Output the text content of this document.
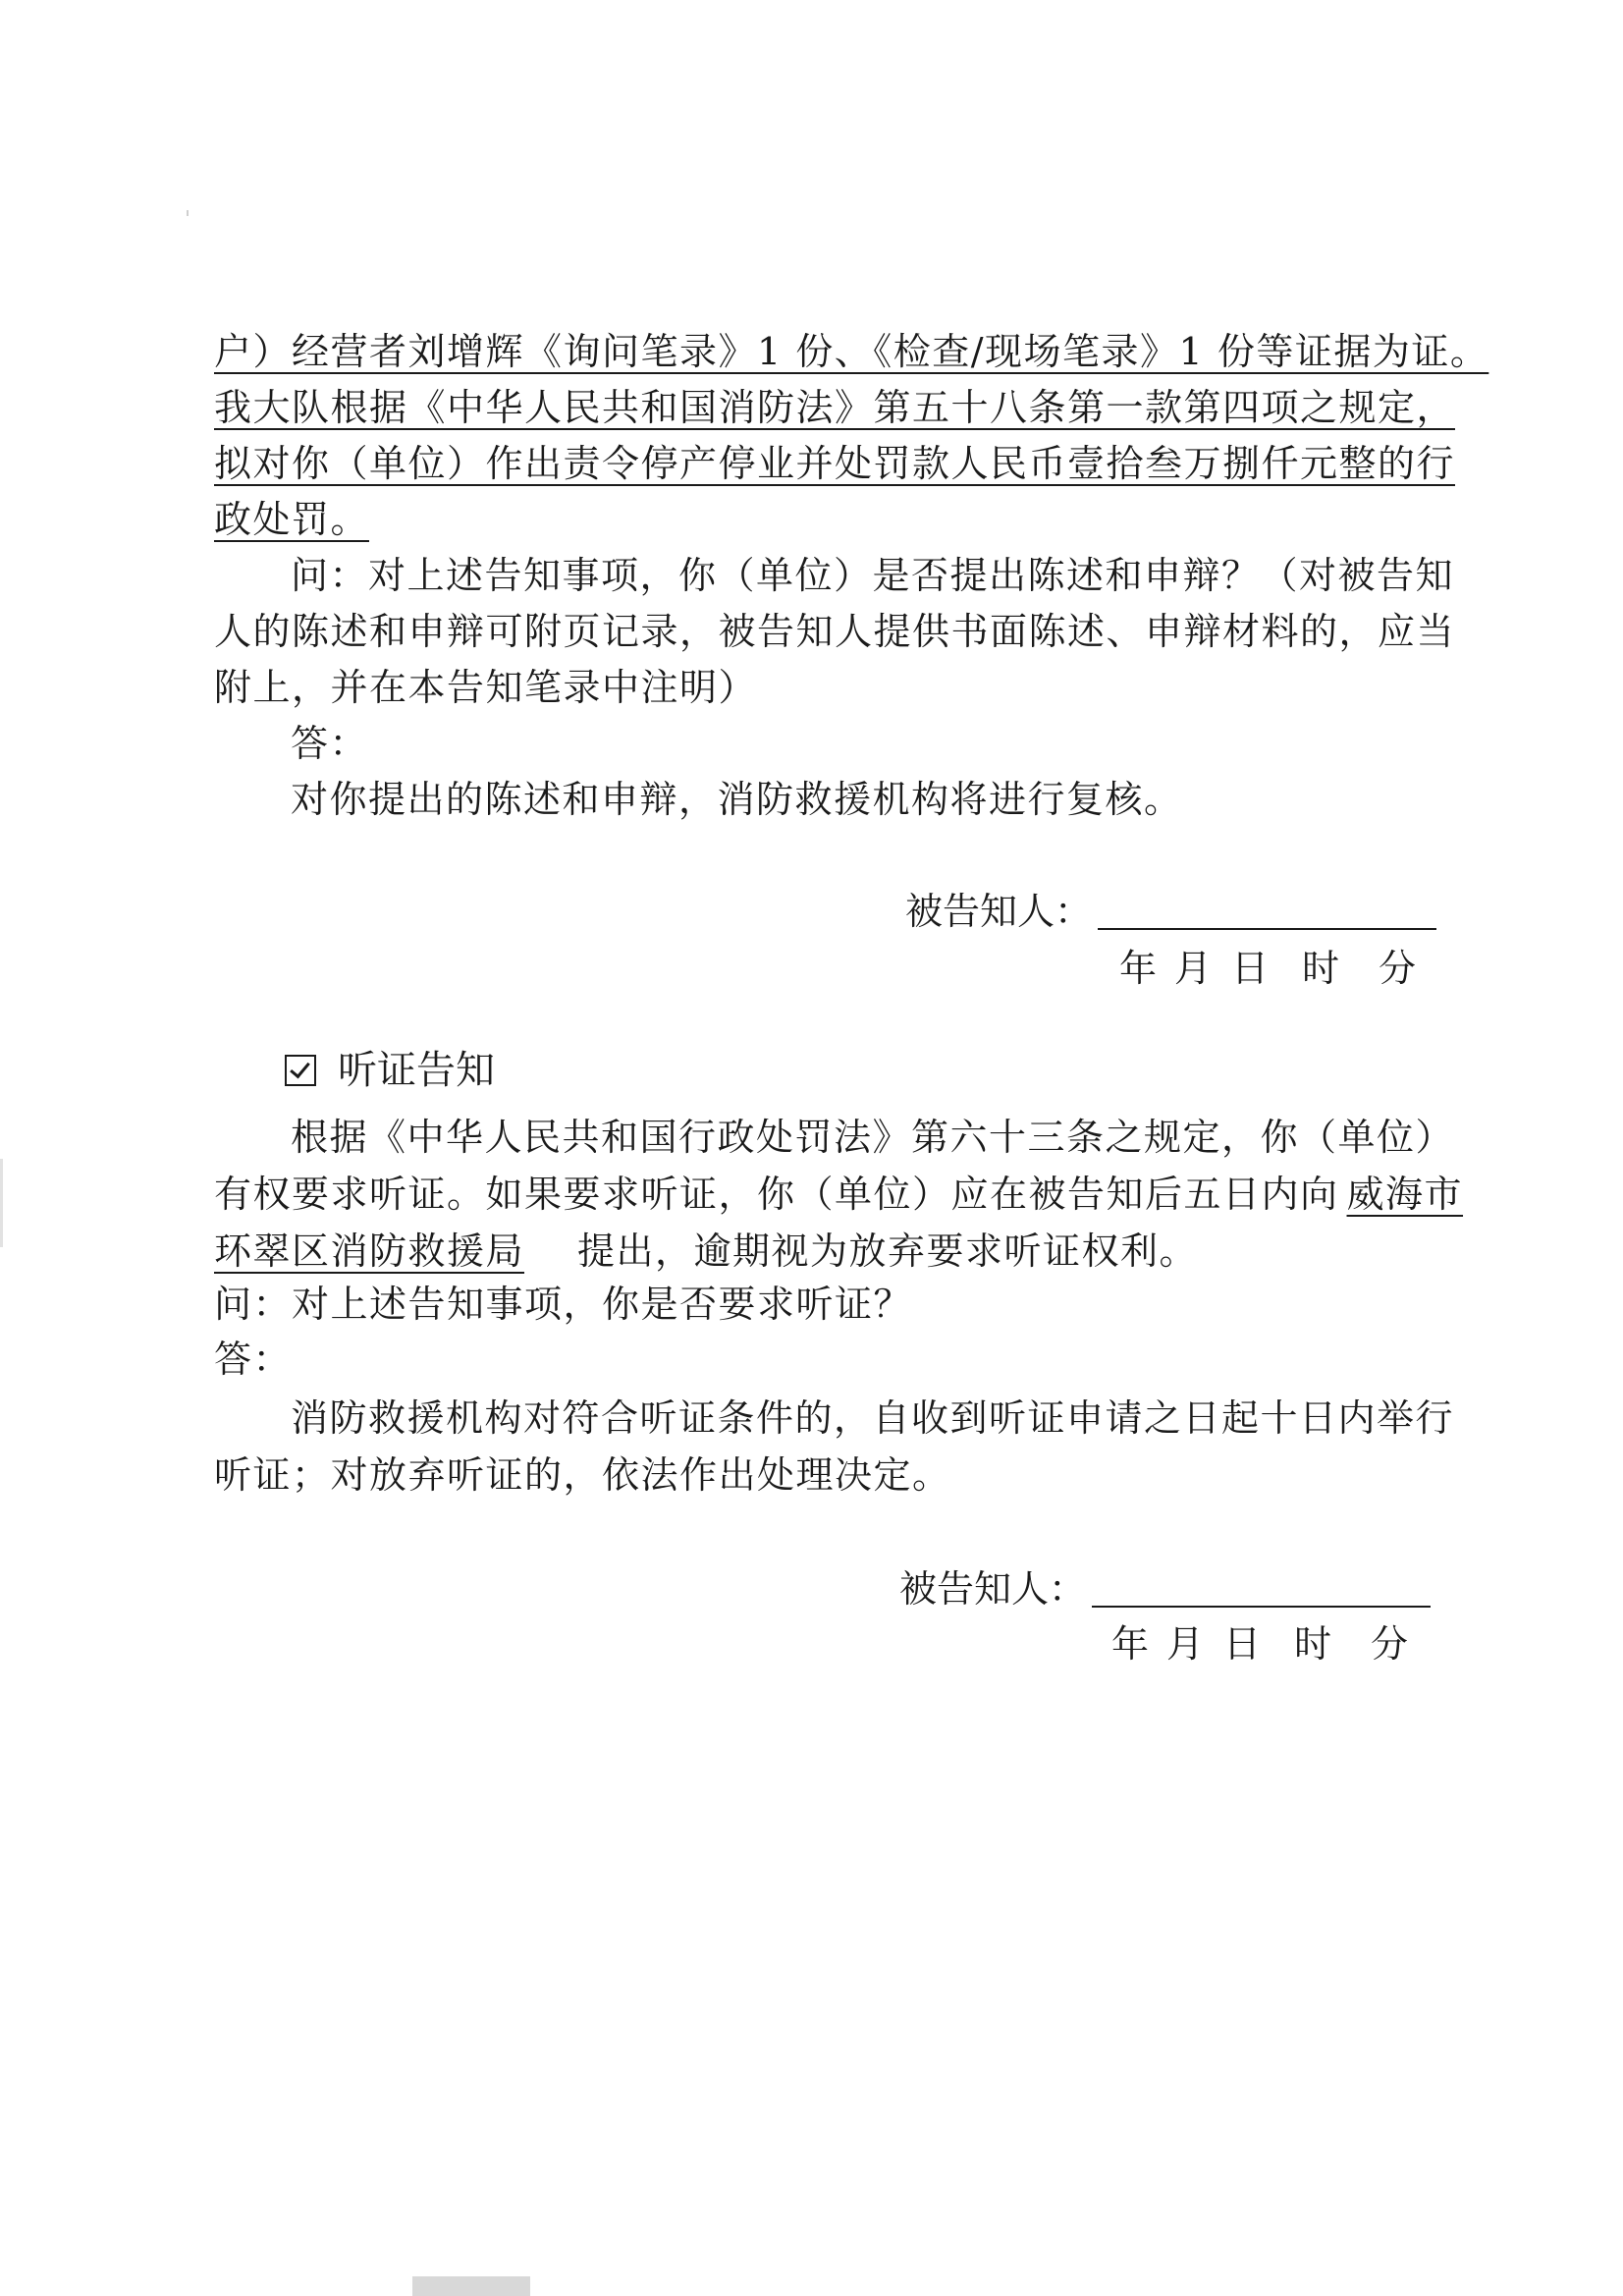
户）经营者刘增辉《询问笔录》1 份、《检查/现场笔录》1 份等证据为证。
我大队根据《中华人民共和国消防法》第五十八条第一款第四项之规定，
拟对你（单位）作出责令停产停业并处罚款人民币壹拾叁万捌仟元整的行
政处罚。
问：对上述告知事项，你（单位）是否提出陈述和申辩？（对被告知
人的陈述和申辩可附页记录，被告知人提供书面陈述、申辩材料的，应当
附上，并在本告知笔录中注明）
答：
对你提出的陈述和申辩，消防救援机构将进行复核。
被告知人：
年 月 日 时 分
听证告知
根据《中华人民共和国行政处罚法》第六十三条之规定，你（单位）
有权要求听证。如果要求听证，你（单位）应在被告知后五日内向 威海市
环翠区消防救援局 提出，逾期视为放弃要求听证权利。
问：对上述告知事项，你是否要求听证？
答：
消防救援机构对符合听证条件的，自收到听证申请之日起十日内举行
听证；对放弃听证的，依法作出处理决定。
被告知人：
年 月 日 时 分
